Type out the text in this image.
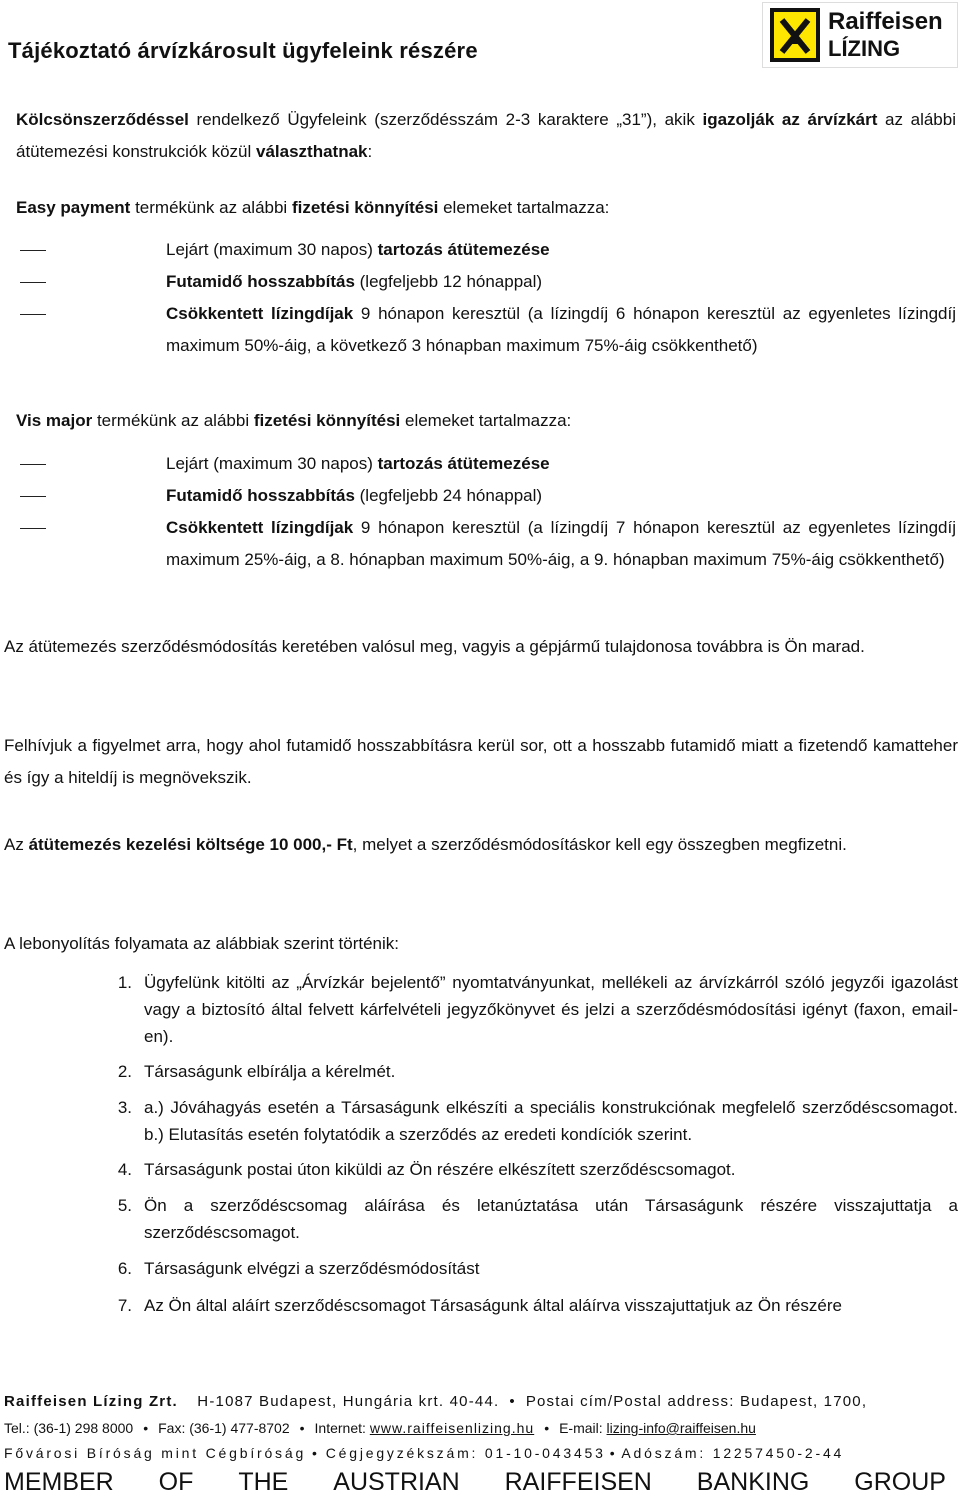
Tájékoztató árvízkárosult ügyfeleink részére
Raiffeisen
LÍZING
Kölcsönszerződéssel rendelkező Ügyfeleink (szerződésszám 2-3 karaktere „31”), akik igazolják az árvízkárt az alábbi átütemezési konstrukciók közül választhatnak:
Easy payment termékünk az alábbi fizetési könnyítési elemeket tartalmazza:
Lejárt (maximum 30 napos) tartozás átütemezése
Futamidő hosszabbítás (legfeljebb 12 hónappal)
Csökkentett lízingdíjak 9 hónapon keresztül (a lízingdíj 6 hónapon keresztül az egyenletes lízingdíj maximum 50%-áig, a következő 3 hónapban maximum 75%-áig csökkenthető)
Vis major termékünk az alábbi fizetési könnyítési elemeket tartalmazza:
Lejárt (maximum 30 napos) tartozás átütemezése
Futamidő hosszabbítás (legfeljebb 24 hónappal)
Csökkentett lízingdíjak 9 hónapon keresztül (a lízingdíj 7 hónapon keresztül az egyenletes lízingdíj maximum 25%-áig, a 8. hónapban maximum 50%-áig, a 9. hónapban maximum 75%-áig csökkenthető)
Az átütemezés szerződésmódosítás keretében valósul meg, vagyis a gépjármű tulajdonosa továbbra is Ön marad.
Felhívjuk a figyelmet arra, hogy ahol futamidő hosszabbításra kerül sor, ott a hosszabb futamidő miatt a fizetendő kamatteher és így a hiteldíj is megnövekszik.
Az átütemezés kezelési költsége 10 000,- Ft, melyet a szerződésmódosításkor kell egy összegben megfizetni.
A lebonyolítás folyamata az alábbiak szerint történik:
1. Ügyfelünk kitölti az „Árvízkár bejelentő” nyomtatványunkat, mellékeli az árvízkárról szóló jegyzői igazolást vagy a biztosító által felvett kárfelvételi jegyzőkönyvet és jelzi a szerződésmódosítási igényt (faxon, email-en).
2. Társaságunk elbírálja a kérelmét.
3. a.) Jóváhagyás esetén a Társaságunk elkészíti a speciális konstrukciónak megfelelő szerződéscsomagot. b.) Elutasítás esetén folytatódik a szerződés az eredeti kondíciók szerint.
4. Társaságunk postai úton kiküldi az Ön részére elkészített szerződéscsomagot.
5. Ön a szerződéscsomag aláírása és letanúztatása után Társaságunk részére visszajuttatja a szerződéscsomagot.
6. Társaságunk elvégzi a szerződésmódosítást
7. Az Ön által aláírt szerződéscsomagot Társaságunk által aláírva visszajuttatjuk az Ön részére
Raiffeisen Lízing Zrt. H-1087 Budapest, Hungária krt. 40-44. • Postai cím/Postal address: Budapest, 1700,
Tel.: (36-1) 298 8000 • Fax: (36-1) 477-8702 • Internet: www.raiffeisenlizing.hu • E-mail: lizing-info@raiffeisen.hu
Fővárosi Bíróság mint Cégbíróság • Cégjegyzékszám: 01-10-043453 • Adószám: 12257450-2-44
MEMBER OF THE AUSTRIAN RAIFFEISEN BANKING GROUP
